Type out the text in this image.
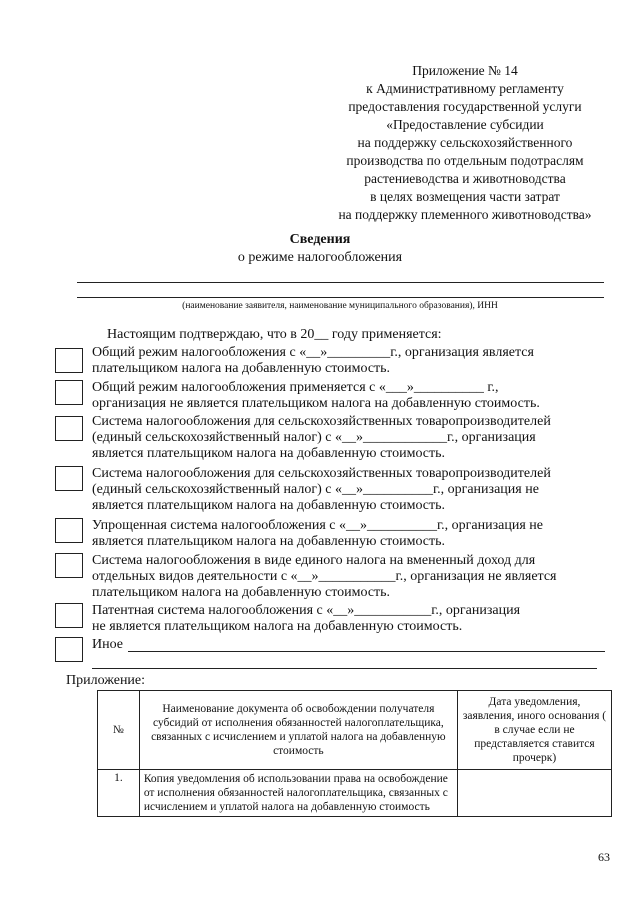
Приложение № 14
к Административному регламенту
предоставления государственной услуги
«Предоставление субсидии
на поддержку сельскохозяйственного
производства по отдельным подотраслям
растениеводства и животноводства
в целях возмещения части затрат
на поддержку племенного животноводства»
Сведения
о режиме налогообложения
(наименование заявителя, наименование муниципального образования), ИНН
Настоящим подтверждаю, что в 20__ году применяется:
Общий режим налогообложения с «__»_________г., организация является
плательщиком налога на добавленную стоимость.
Общий режим налогообложения применяется с «___»__________ г.,
организация не является плательщиком налога на добавленную стоимость.
Система налогообложения для сельскохозяйственных товаропроизводителей
(единый сельскохозяйственный налог) с «__»____________г., организация
является плательщиком налога на добавленную стоимость.
Система налогообложения для сельскохозяйственных товаропроизводителей
(единый сельскохозяйственный налог) с «__»__________г., организация не
является плательщиком налога на добавленную стоимость.
Упрощенная система налогообложения с «__»__________г., организация не
является плательщиком налога на добавленную стоимость.
Система налогообложения в виде единого налога на вмененный доход для
отдельных видов деятельности с «__»___________г., организация не является
плательщиком налога на добавленную стоимость.
Патентная система налогообложения с «__»___________г., организация
не является плательщиком налога на добавленную стоимость.
Иное
Приложение:
№	Наименование документа об освобождении получателя субсидий от исполнения обязанностей налогоплательщика, связанных с исчислением и уплатой налога на добавленную стоимость	Дата уведомления, заявления, иного основания ( в случае если не представляется ставится прочерк)
1.	Копия уведомления об использовании права на освобождение от исполнения обязанностей налогоплательщика, связанных с исчислением и уплатой налога на добавленную стоимость	
63
